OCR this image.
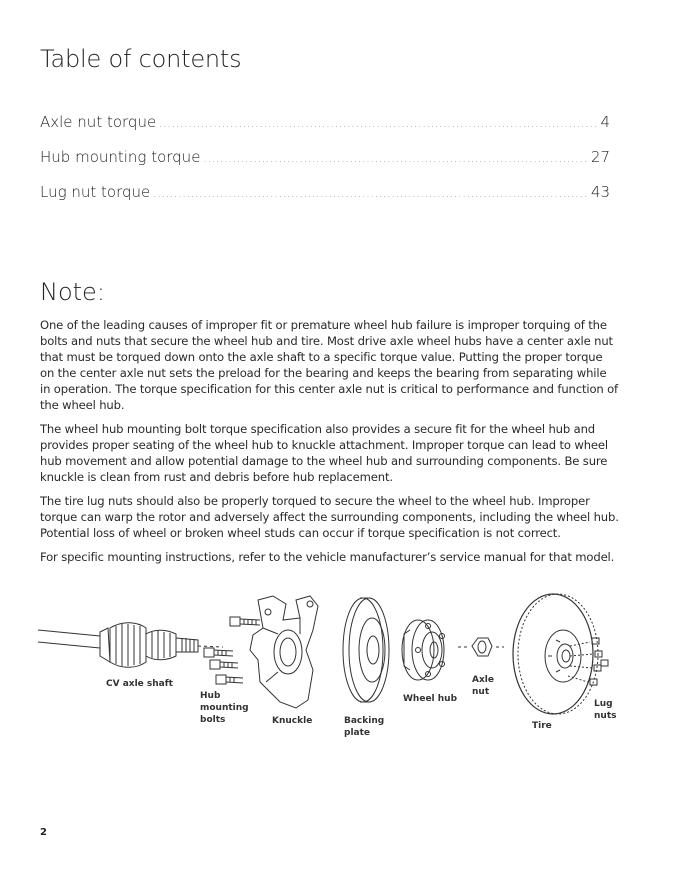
Table of contents
Axle nut torque .....	4
Hub mounting torque .....	27
Lug nut torque .....	43
Note:

One of the leading causes of improper fit or premature wheel hub failure is improper torquing of the bolts and nuts that secure the wheel hub and tire. Most drive axle wheel hubs have a center axle nut that must be torqued down onto the axle shaft to a specific torque value. Putting the proper torque on the center axle nut sets the preload for the bearing and keeps the bearing from separating while in operation. The torque specification for this center axle nut is critical to performance and function of the wheel hub.

The wheel hub mounting bolt torque specification also provides a secure fit for the wheel hub and provides proper seating of the wheel hub to knuckle attachment. Improper torque can lead to wheel hub movement and allow potential damage to the wheel hub and surrounding components. Be sure knuckle is clean from rust and debris before hub replacement.

The tire lug nuts should also be properly torqued to secure the wheel to the wheel hub. Improper torque can warp the rotor and adversely affect the surrounding components, including the wheel hub. Potential loss of wheel or broken wheel studs can occur if torque specification is not correct.

For specific mounting instructions, refer to the vehicle manufacturer’s service manual for that model.

CV axle shaft
Hub
mounting
bolts	Knuckle	Backing
plate
Wheel hub
Axle
nut
Tire
Lug
nuts
2
